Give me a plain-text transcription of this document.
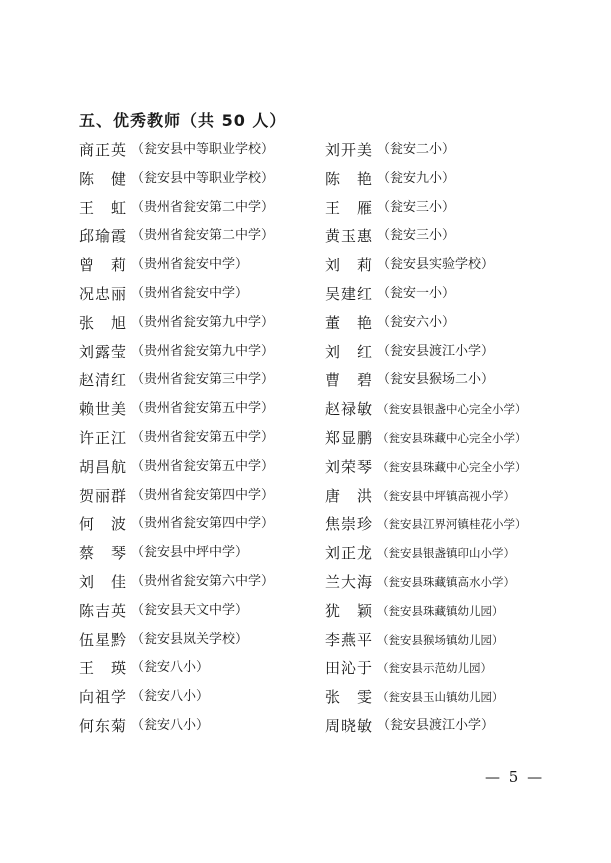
五、优秀教师（共 50 人）
商正英 （瓮安县中等职业学校）
陈　健 （瓮安县中等职业学校）
王　虹 （贵州省瓮安第二中学）
邱瑜霞 （贵州省瓮安第二中学）
曾　莉 （贵州省瓮安中学）
况忠丽 （贵州省瓮安中学）
张　旭 （贵州省瓮安第九中学）
刘露莹 （贵州省瓮安第九中学）
赵清红 （贵州省瓮安第三中学）
赖世美 （贵州省瓮安第五中学）
许正江 （贵州省瓮安第五中学）
胡昌航 （贵州省瓮安第五中学）
贺丽群 （贵州省瓮安第四中学）
何　波 （贵州省瓮安第四中学）
蔡　琴 （瓮安县中坪中学）
刘　佳 （贵州省瓮安第六中学）
陈吉英 （瓮安县天文中学）
伍星黔 （瓮安县岚关学校）
王　瑛 （瓮安八小）
向祖学 （瓮安八小）
何东菊 （瓮安八小）
刘开美 （瓮安二小）
陈　艳 （瓮安九小）
王　雁 （瓮安三小）
黄玉惠 （瓮安三小）
刘　莉 （瓮安县实验学校）
吴建红 （瓮安一小）
董　艳 （瓮安六小）
刘　红 （瓮安县渡江小学）
曹　碧 （瓮安县猴场二小）
赵禄敏 （瓮安县银盏中心完全小学）
郑显鹏 （瓮安县珠藏中心完全小学）
刘荣琴 （瓮安县珠藏中心完全小学）
唐　洪 （瓮安县中坪镇高视小学）
焦崇珍 （瓮安县江界河镇桂花小学）
刘正龙 （瓮安县银盏镇印山小学）
兰大海 （瓮安县珠藏镇高水小学）
犹　颖 （瓮安县珠藏镇幼儿园）
李燕平 （瓮安县猴场镇幼儿园）
田沁于 （瓮安县示范幼儿园）
张　雯 （瓮安县玉山镇幼儿园）
周晓敏 （瓮安县渡江小学）
— 5 —
